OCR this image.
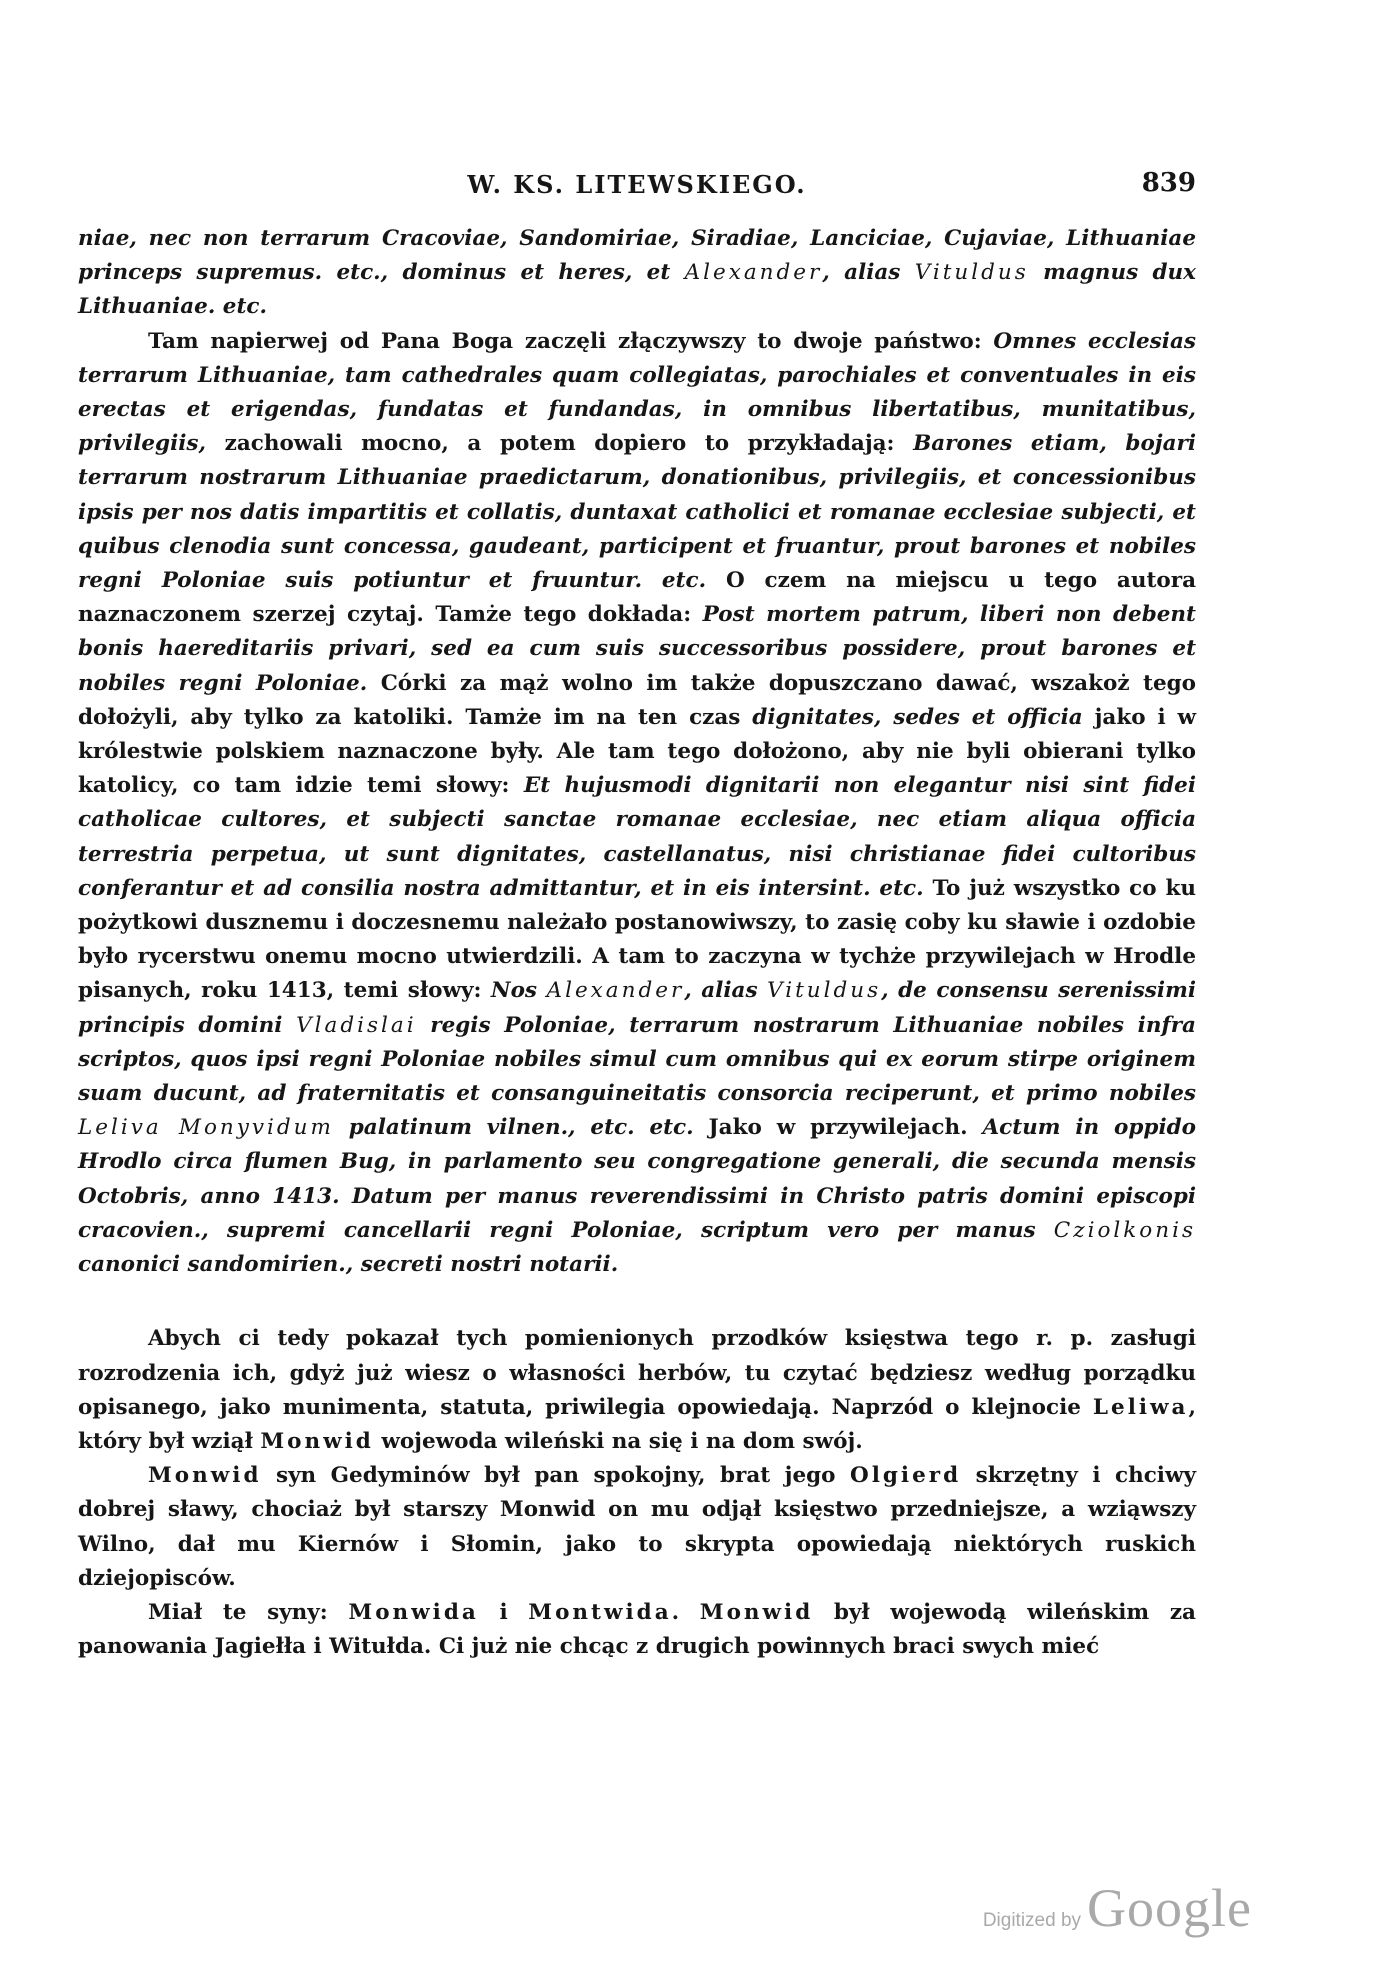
W. KS. LITEWSKIEGO.	839

niae, nec non terrarum Cracoviae, Sandomiriae, Siradiae, Lanciciae, Cujaviae, Lithuaniae princeps supremus. etc., dominus et heres, et Alexander, alias Vituldus magnus dux Lithuaniae. etc.

Tam napierwej od Pana Boga zaczęli złączywszy to dwoje państwo: Omnes ecclesias terrarum Lithuaniae, tam cathedrales quam collegiatas, parochiales et conventuales in eis erectas et erigendas, fundatas et fundandas, in omnibus libertatibus, munitatibus, privilegiis, zachowali mocno, a potem dopiero to przykładają: Barones etiam, bojari terrarum nostrarum Lithuaniae praedictarum, donationibus, privilegiis, et concessionibus ipsis per nos datis impartitis et collatis, duntaxat catholici et romanae ecclesiae subjecti, et quibus clenodia sunt concessa, gaudeant, participent et fruantur, prout barones et nobiles regni Poloniae suis potiuntur et fruuntur. etc. O czem na miejscu u tego autora naznaczonem szerzej czytaj. Tamże tego dokłada: Post mortem patrum, liberi non debent bonis haereditariis privari, sed ea cum suis successoribus possidere, prout barones et nobiles regni Poloniae. Córki za mąż wolno im także dopuszczano dawać, wszakoż tego dołożyli, aby tylko za katoliki. Tamże im na ten czas dignitates, sedes et officia jako i w królestwie polskiem naznaczone były. Ale tam tego dołożono, aby nie byli obierani tylko katolicy, co tam idzie temi słowy: Et hujusmodi dignitarii non elegantur nisi sint fidei catholicae cultores, et subjecti sanctae romanae ecclesiae, nec etiam aliqua officia terrestria perpetua, ut sunt dignitates, castellanatus, nisi christianae fidei cultoribus conferantur et ad consilia nostra admittantur, et in eis intersint. etc. To już wszystko co ku pożytkowi dusznemu i doczesnemu należało postanowiwszy, to zasię coby ku sławie i ozdobie było rycerstwu onemu mocno utwierdzili. A tam to zaczyna w tychże przywilejach w Hrodle pisanych, roku 1413, temi słowy: Nos Alexander, alias Vituldus, de consensu serenissimi principis domini Vladislai regis Poloniae, terrarum nostrarum Lithuaniae nobiles infra scriptos, quos ipsi regni Poloniae nobiles simul cum omnibus qui ex eorum stirpe originem suam ducunt, ad fraternitatis et consanguineitatis consorcia reciperunt, et primo nobiles Leliva Monyvidum palatinum vilnen., etc. etc. Jako w przywilejach. Actum in oppido Hrodlo circa flumen Bug, in parlamento seu congregatione generali, die secunda mensis Octobris, anno 1413. Datum per manus reverendissimi in Christo patris domini episcopi cracovien., supremi cancellarii regni Poloniae, scriptum vero per manus Cziolkonis canonici sandomirien., secreti nostri notarii.

Abych ci tedy pokazał tych pomienionych przodków księstwa tego r. p. zasługi rozrodzenia ich, gdyż już wiesz o własności herbów, tu czytać będziesz według porządku opisanego, jako munimenta, statuta, priwilegia opowiedają. Naprzód o klejnocie Leliwa, który był wziął Monwid wojewoda wileński na się i na dom swój.

Monwid syn Gedyminów był pan spokojny, brat jego Olgierd skrzętny i chciwy dobrej sławy, chociaż był starszy Monwid on mu odjął księstwo przedniejsze, a wziąwszy Wilno, dał mu Kiernów i Słomin, jako to skrypta opowiedają niektórych ruskich dziejopisców.

Miał te syny: Monwida i Montwida. Monwid był wojewodą wileńskim za panowania Jagiełła i Witułda. Ci już nie chcąc z drugich powinnych braci swych mieć

Digitized by Google
